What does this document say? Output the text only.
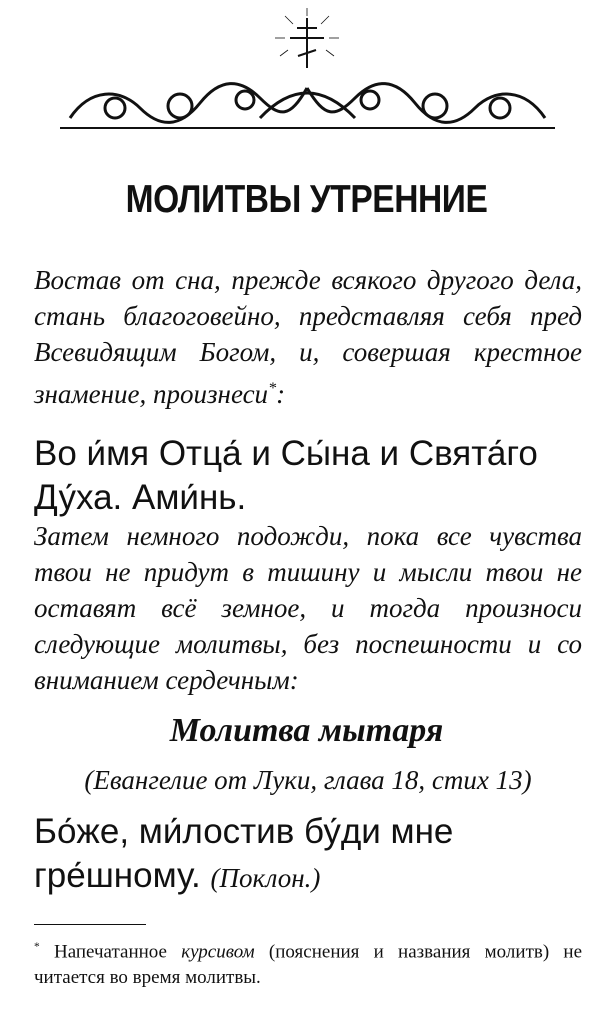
МОЛИТВЫ УТРЕННИЕ
Востав от сна, прежде всякого другого дела, стань благоговейно, представляя себя пред Всевидящим Богом, и, совершая крестное знамение, произнеси*:
Во и́мя Отца́ и Сы́на и Свята́го Ду́ха. Ами́нь.
Затем немного подожди, пока все чувства твои не придут в тишину и мысли твои не оставят всё земное, и тогда произноси следующие молитвы, без поспешности и со вниманием сердечным:
Молитва мытаря
(Евангелие от Луки, глава 18, стих 13)
Бо́же, ми́лостив бу́ди мне гре́шному. (Поклон.)
* Напечатанное курсивом (пояснения и названия молитв) не читается во время молитвы.
